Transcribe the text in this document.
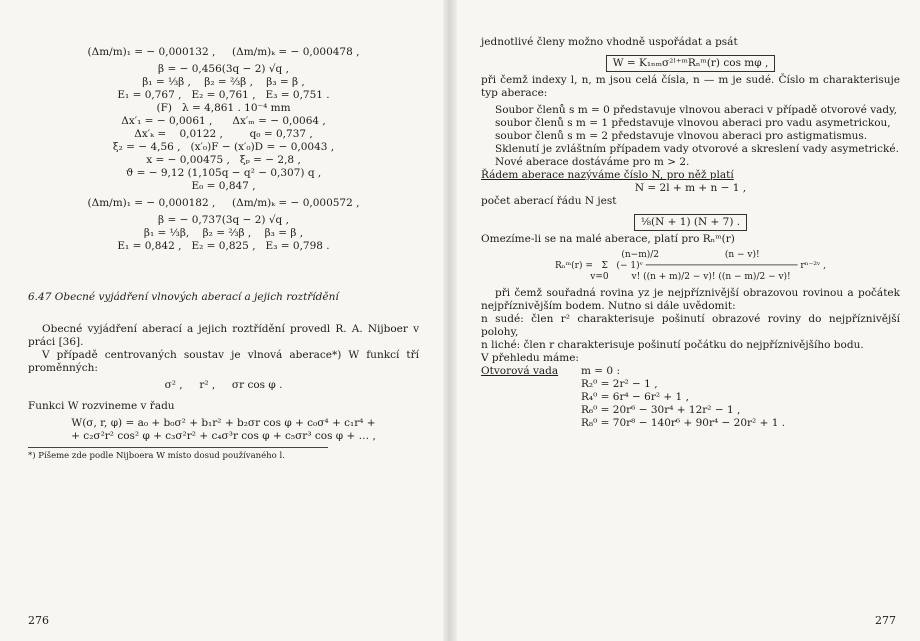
(Δm/m)₁ = − 0,000132 ,     (Δm/m)ₖ = − 0,000478 ,

β = − 0,456(3q − 2) √q ,

β₁ = ⅓β ,    β₂ = ⅔β ,    β₃ = β ,

E₁ = 0,767 ,   E₂ = 0,761 ,   E₃ = 0,751 .

(F)   λ = 4,861 . 10⁻⁴ mm

Δx′₁ = − 0,0061 ,      Δx′ₘ = − 0,0064 ,

Δx′ₖ =    0,0122 ,        q₀ = 0,737 ,

ξ₂ = − 4,56 ,   (x′₀)F − (x′₀)D = − 0,0043 ,

x = − 0,00475 ,   ξₚ = − 2,8 ,

ϑ = − 9,12 (1,105q − q² − 0,307) q ,

E₀ = 0,847 ,

(Δm/m)₁ = − 0,000182 ,     (Δm/m)ₖ = − 0,000572 ,

β = − 0,737(3q − 2) √q ,

β₁ = ⅓β,    β₂ = ⅔β ,    β₃ = β ,

E₁ = 0,842 ,   E₂ = 0,825 ,   E₃ = 0,798 .

6.47 Obecné vyjádření vlnových aberací a jejich roztřídění

Obecné vyjádření aberací a jejich roztřídění provedl R. A. Nijboer v práci [36].

V případě centrovaných soustav je vlnová aberace*) W funkcí tří proměnných:

σ² ,     r² ,     σr cos φ .

Funkci W rozvineme v řadu

W(σ, r, φ) = a₀ + b₀σ² + b₁r² + b₂σr cos φ + c₀σ⁴ + c₁r⁴ +

+ c₂σ²r² cos² φ + c₃σ²r² + c₄σ³r cos φ + c₅σr³ cos φ + … ,

*) Píšeme zde podle Nijboera W místo dosud používaného l.
276

jednotlivé členy možno vhodně uspořádat a psát

W = K₁ₙₘσ²ˡ⁺ᵐRₙᵐ(r) cos mφ ,

při čemž indexy l, n, m jsou celá čísla, n — m je sudé. Číslo m charakterisuje typ aberace:

Soubor členů s m = 0 představuje vlnovou aberaci v případě otvorové vady,

soubor členů s m = 1 představuje vlnovou aberaci pro vadu asymetrickou,

soubor členů s m = 2 představuje vlnovou aberaci pro astigmatismus.

Sklenutí je zvláštním případem vady otvorové a skreslení vady asymetrické.

Nové aberace dostáváme pro m > 2.

Řádem aberace nazýváme číslo N, pro něž platí

N = 2l + m + n − 1 ,

počet aberací řádu N jest

⅛(N + 1) (N + 7) .

Omezíme-li se na malé aberace, platí pro Rₙᵐ(r)

(n−m)/2                       (n − v)!

Rₙᵐ(r) =   Σ   (− 1)ᵛ ──────────────────────────── rⁿ⁻²ᵛ ,

v=0        v! ((n + m)/2 − v)! ((n − m)/2 − v)!

při čemž souřadná rovina yz je nejpříznivější obrazovou rovinou a počátek nejpříznivějším bodem. Nutno si dále uvědomit:

n sudé: člen r² charakterisuje pošinutí obrazové roviny do nejpříznivější polohy,

n liché: člen r charakterisuje pošinutí počátku do nejpříznivějšího bodu.

V přehledu máme:

Otvorová vada	m = 0 :
R₂⁰ = 2r² − 1 ,
R₄⁰ = 6r⁴ − 6r² + 1 ,
R₆⁰ = 20r⁶ − 30r⁴ + 12r² − 1 ,
R₈⁰ = 70r⁸ − 140r⁶ + 90r⁴ − 20r² + 1 .
277
